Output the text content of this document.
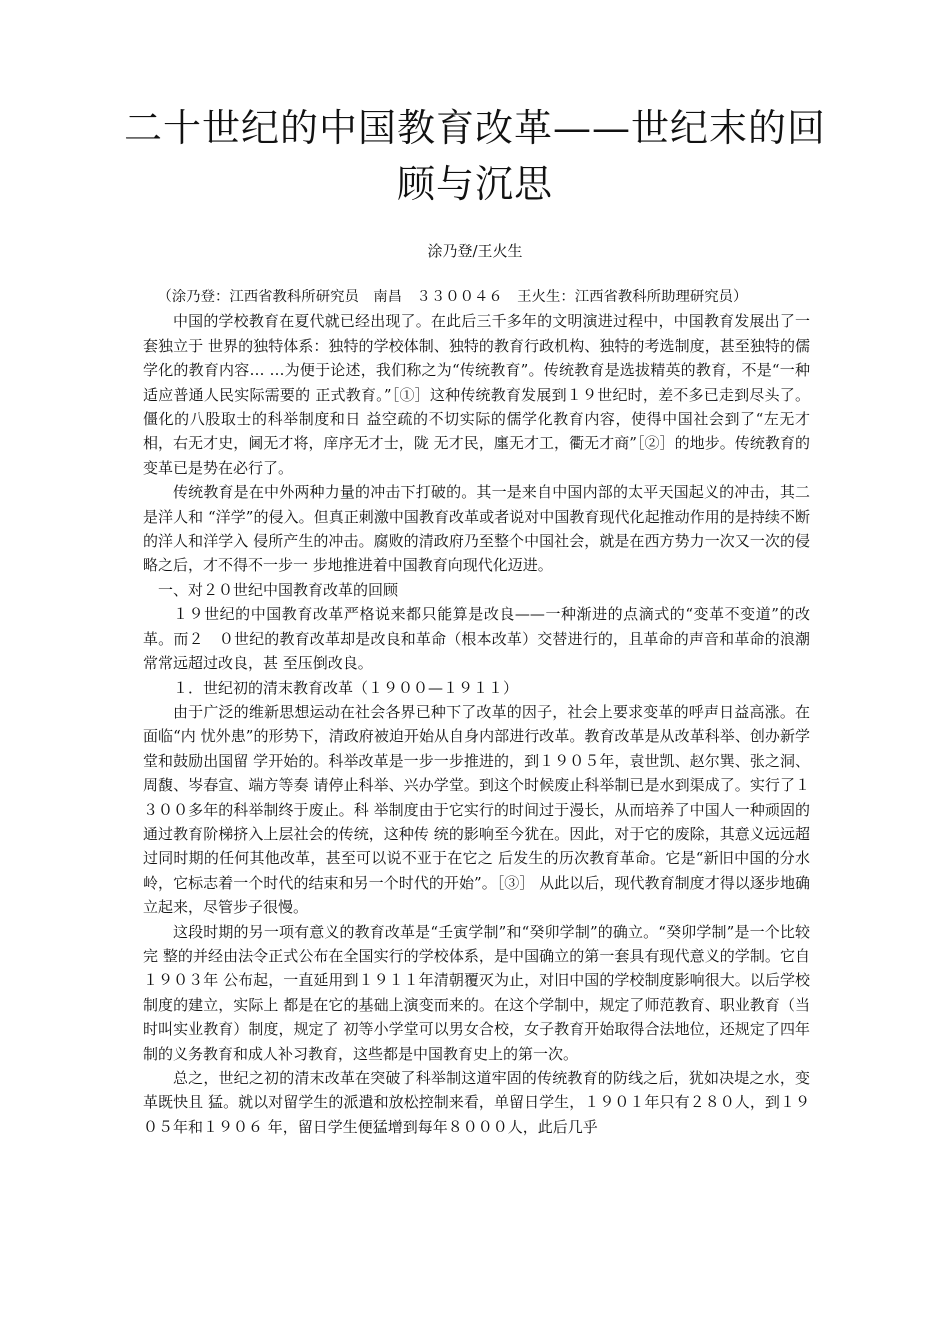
二十世纪的中国教育改革——世纪末的回顾与沉思
涂乃登/王火生

（涂乃登：江西省教科所研究员　南昌　３３００４６　王火生：江西省教科所助理研究员）

中国的学校教育在夏代就已经出现了。在此后三千多年的文明演进过程中，中国教育发展出了一套独立于 世界的独特体系：独特的学校体制、独特的教育行政机构、独特的考选制度，甚至独特的儒学化的教育内容… …为便于论述，我们称之为“传统教育”。传统教育是选拔精英的教育，不是“一种适应普通人民实际需要的 正式教育。”［①］这种传统教育发展到１９世纪时，差不多已走到尽头了。僵化的八股取士的科举制度和日 益空疏的不切实际的儒学化教育内容，使得中国社会到了“左无才相，右无才史，阃无才将，庠序无才士，陇 无才民，廛无才工，衢无才商”［②］的地步。传统教育的变革已是势在必行了。

传统教育是在中外两种力量的冲击下打破的。其一是来自中国内部的太平天国起义的冲击，其二是洋人和 “洋学”的侵入。但真正刺激中国教育改革或者说对中国教育现代化起推动作用的是持续不断的洋人和洋学入 侵所产生的冲击。腐败的清政府乃至整个中国社会，就是在西方势力一次又一次的侵略之后，才不得不一步一 步地推进着中国教育向现代化迈进。

一、对２０世纪中国教育改革的回顾

１９世纪的中国教育改革严格说来都只能算是改良——一种渐进的点滴式的“变革不变道”的改革。而２　０世纪的教育改革却是改良和革命（根本改革）交替进行的，且革命的声音和革命的浪潮常常远超过改良，甚 至压倒改良。

１．世纪初的清末教育改革（１９００—１９１１）

由于广泛的维新思想运动在社会各界已种下了改革的因子，社会上要求变革的呼声日益高涨。在面临“内 忧外患”的形势下，清政府被迫开始从自身内部进行改革。教育改革是从改革科举、创办新学堂和鼓励出国留 学开始的。科举改革是一步一步推进的，到１９０５年，袁世凯、赵尔巽、张之洞、周馥、岑春宣、端方等奏 请停止科举、兴办学堂。到这个时候废止科举制已是水到渠成了。实行了１３００多年的科举制终于废止。科 举制度由于它实行的时间过于漫长，从而培养了中国人一种顽固的通过教育阶梯挤入上层社会的传统，这种传 统的影响至今犹在。因此，对于它的废除，其意义远远超过同时期的任何其他改革，甚至可以说不亚于在它之 后发生的历次教育革命。它是“新旧中国的分水岭，它标志着一个时代的结束和另一个时代的开始”。［③］ 从此以后，现代教育制度才得以逐步地确立起来，尽管步子很慢。

这段时期的另一项有意义的教育改革是“壬寅学制”和“癸卯学制”的确立。“癸卯学制”是一个比较完 整的并经由法令正式公布在全国实行的学校体系，是中国确立的第一套具有现代意义的学制。它自１９０３年 公布起，一直延用到１９１１年清朝覆灭为止，对旧中国的学校制度影响很大。以后学校制度的建立，实际上 都是在它的基础上演变而来的。在这个学制中，规定了师范教育、职业教育（当时叫实业教育）制度，规定了 初等小学堂可以男女合校，女子教育开始取得合法地位，还规定了四年制的义务教育和成人补习教育，这些都是中国教育史上的第一次。

总之，世纪之初的清末改革在突破了科举制这道牢固的传统教育的防线之后，犹如决堤之水，变革既快且 猛。就以对留学生的派遣和放松控制来看，单留日学生，１９０１年只有２８０人，到１９０５年和１９０６ 年，留日学生便猛增到每年８０００人，此后几乎
